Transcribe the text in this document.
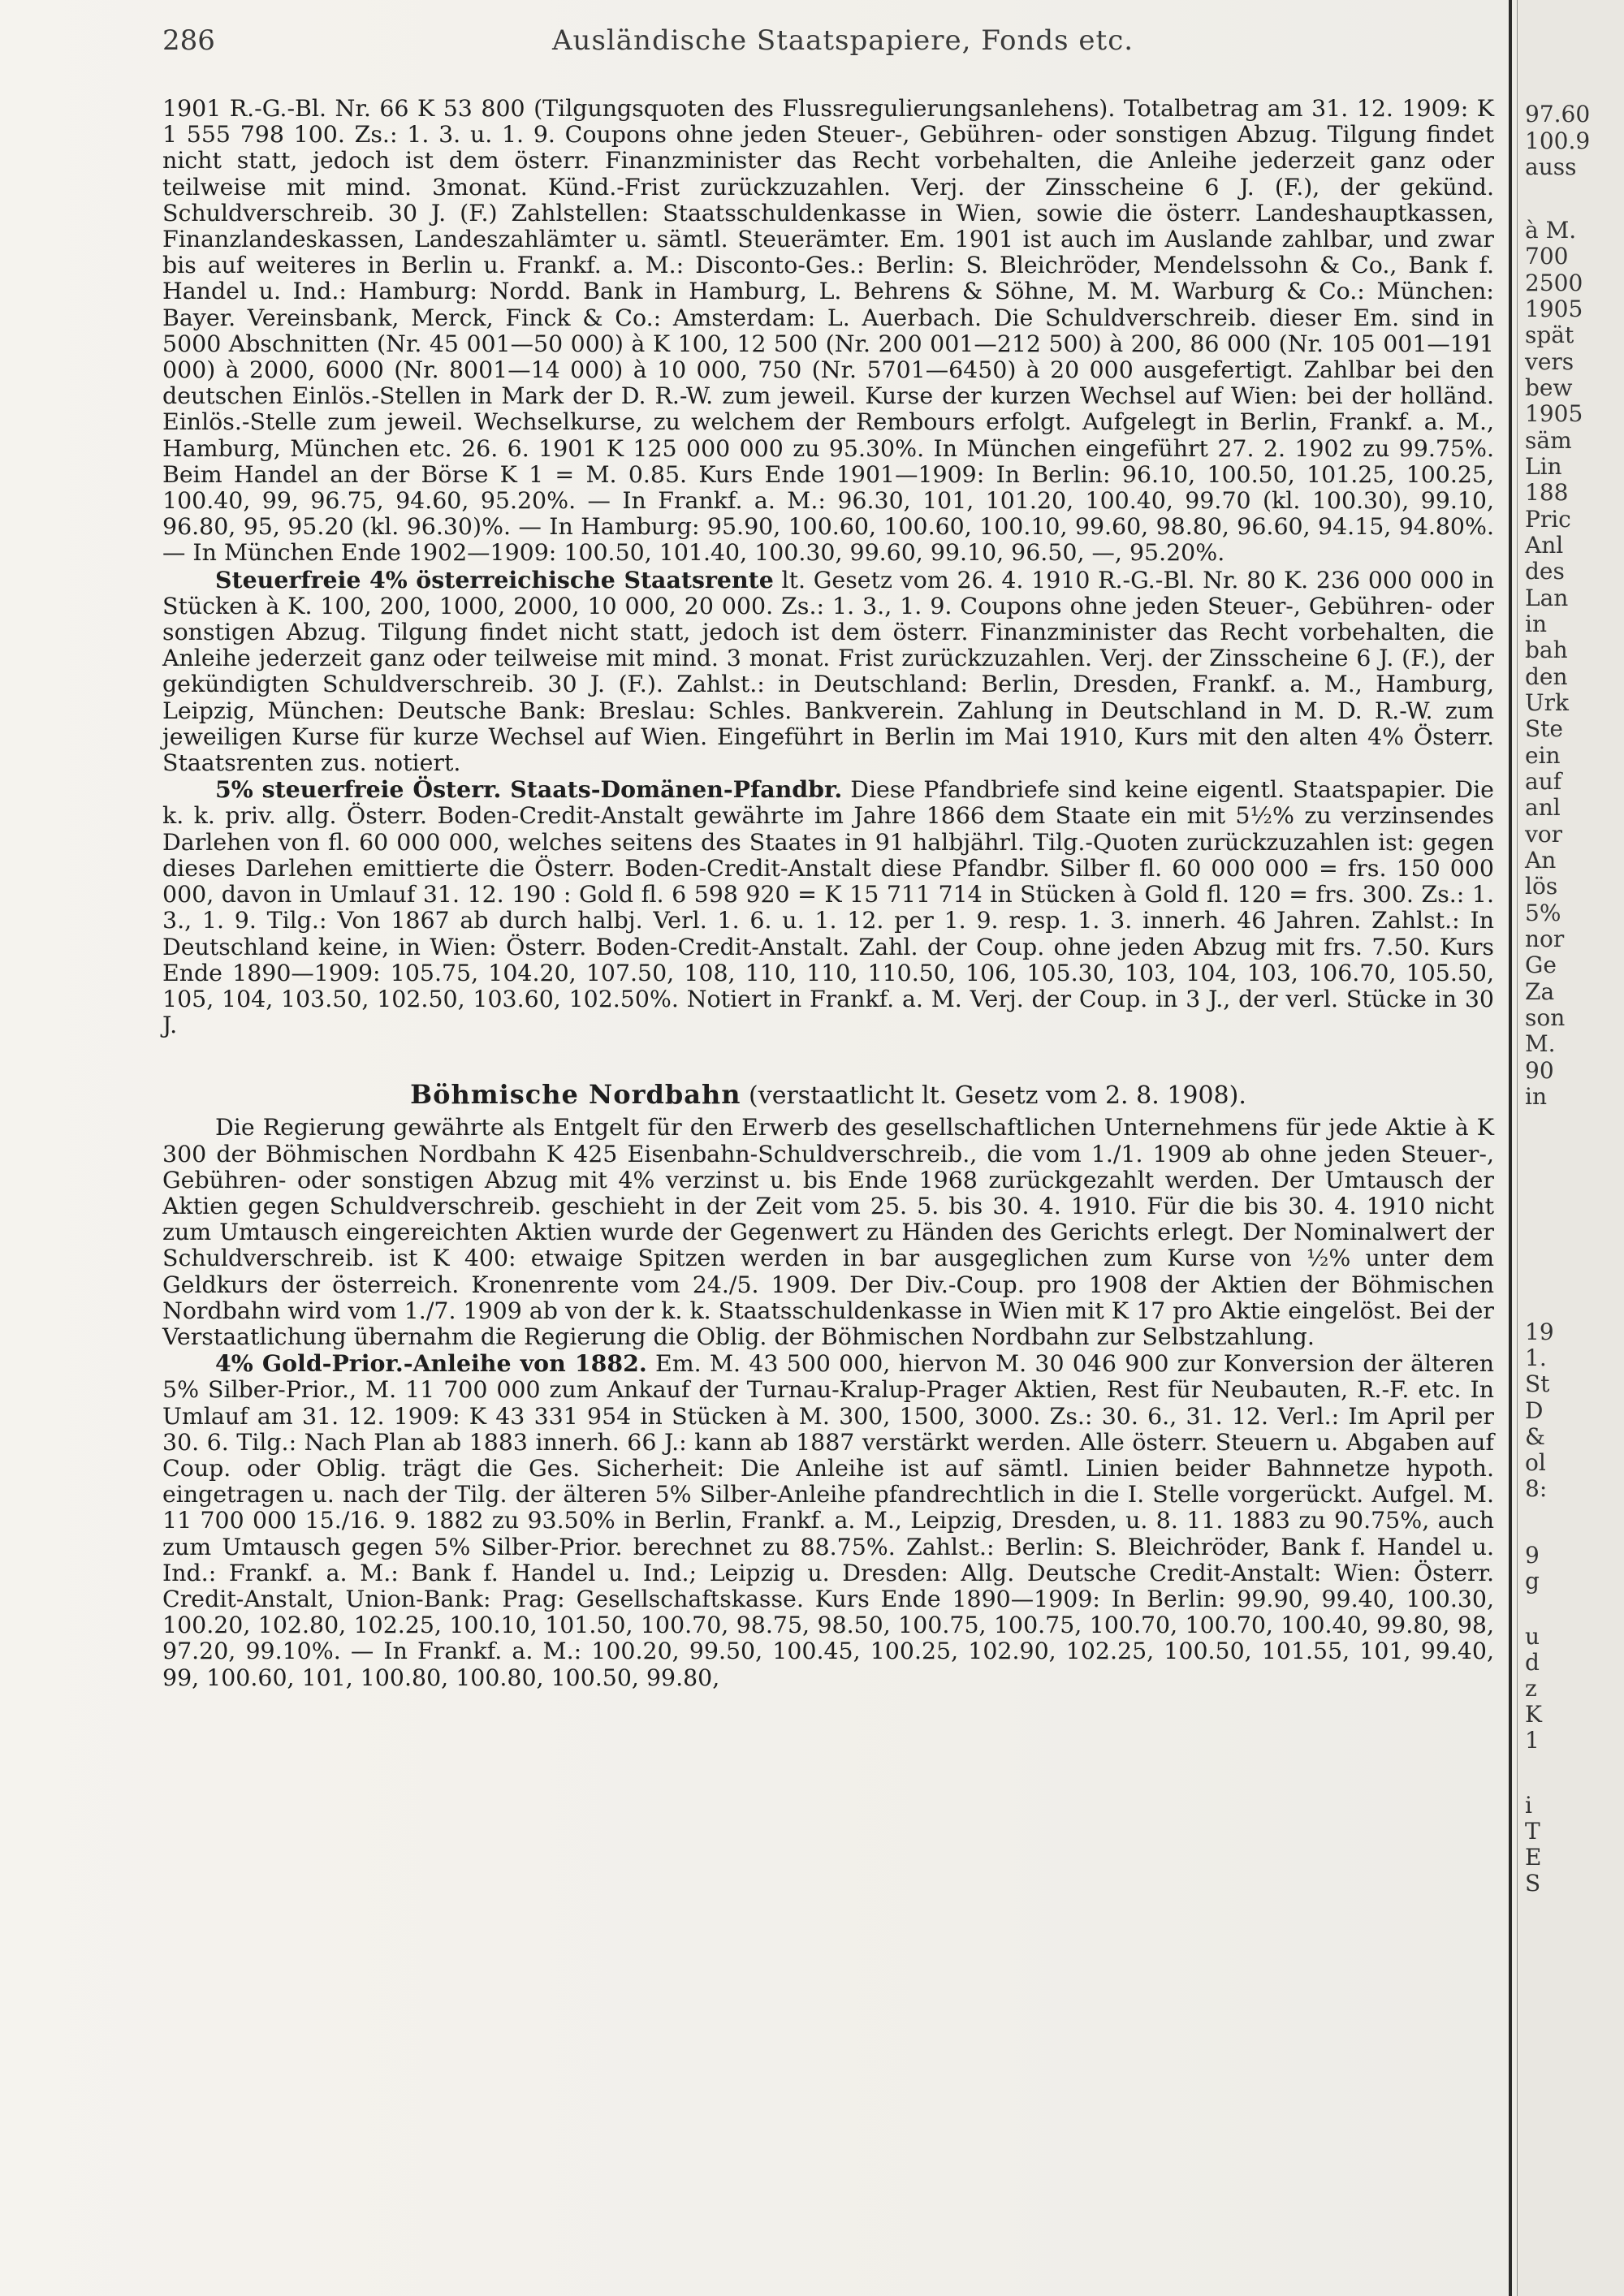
286	Ausländische Staatspapiere, Fonds etc.

1901 R.-G.-Bl. Nr. 66 K 53 800 (Tilgungsquoten des Flussregulierungsanlehens). Totalbetrag am 31. 12. 1909: K 1 555 798 100. Zs.: 1. 3. u. 1. 9. Coupons ohne jeden Steuer-, Gebühren- oder sonstigen Abzug. Tilgung findet nicht statt, jedoch ist dem österr. Finanzminister das Recht vorbehalten, die Anleihe jederzeit ganz oder teilweise mit mind. 3monat. Künd.-Frist zurückzuzahlen. Verj. der Zinsscheine 6 J. (F.), der gekünd. Schuldverschreib. 30 J. (F.) Zahlstellen: Staatsschuldenkasse in Wien, sowie die österr. Landeshauptkassen, Finanzlandeskassen, Landeszahlämter u. sämtl. Steuerämter. Em. 1901 ist auch im Auslande zahlbar, und zwar bis auf weiteres in Berlin u. Frankf. a. M.: Disconto-Ges.: Berlin: S. Bleichröder, Mendelssohn & Co., Bank f. Handel u. Ind.: Hamburg: Nordd. Bank in Hamburg, L. Behrens & Söhne, M. M. Warburg & Co.: München: Bayer. Vereinsbank, Merck, Finck & Co.: Amsterdam: L. Auerbach. Die Schuldverschreib. dieser Em. sind in 5000 Abschnitten (Nr. 45 001—50 000) à K 100, 12 500 (Nr. 200 001—212 500) à 200, 86 000 (Nr. 105 001—191 000) à 2000, 6000 (Nr. 8001—14 000) à 10 000, 750 (Nr. 5701—6450) à 20 000 ausgefertigt. Zahlbar bei den deutschen Einlös.-Stellen in Mark der D. R.-W. zum jeweil. Kurse der kurzen Wechsel auf Wien: bei der holländ. Einlös.-Stelle zum jeweil. Wechselkurse, zu welchem der Rembours erfolgt. Aufgelegt in Berlin, Frankf. a. M., Hamburg, München etc. 26. 6. 1901 K 125 000 000 zu 95.30%. In München eingeführt 27. 2. 1902 zu 99.75%. Beim Handel an der Börse K 1 = M. 0.85. Kurs Ende 1901—1909: In Berlin: 96.10, 100.50, 101.25, 100.25, 100.40, 99, 96.75, 94.60, 95.20%. — In Frankf. a. M.: 96.30, 101, 101.20, 100.40, 99.70 (kl. 100.30), 99.10, 96.80, 95, 95.20 (kl. 96.30)%. — In Hamburg: 95.90, 100.60, 100.60, 100.10, 99.60, 98.80, 96.60, 94.15, 94.80%. — In München Ende 1902—1909: 100.50, 101.40, 100.30, 99.60, 99.10, 96.50, —, 95.20%.

Steuerfreie 4% österreichische Staatsrente lt. Gesetz vom 26. 4. 1910 R.-G.-Bl. Nr. 80 K. 236 000 000 in Stücken à K. 100, 200, 1000, 2000, 10 000, 20 000. Zs.: 1. 3., 1. 9. Coupons ohne jeden Steuer-, Gebühren- oder sonstigen Abzug. Tilgung findet nicht statt, jedoch ist dem österr. Finanzminister das Recht vorbehalten, die Anleihe jederzeit ganz oder teilweise mit mind. 3 monat. Frist zurückzuzahlen. Verj. der Zinsscheine 6 J. (F.), der gekündigten Schuldverschreib. 30 J. (F.). Zahlst.: in Deutschland: Berlin, Dresden, Frankf. a. M., Hamburg, Leipzig, München: Deutsche Bank: Breslau: Schles. Bankverein. Zahlung in Deutschland in M. D. R.-W. zum jeweiligen Kurse für kurze Wechsel auf Wien. Eingeführt in Berlin im Mai 1910, Kurs mit den alten 4% Österr. Staatsrenten zus. notiert.

5% steuerfreie Österr. Staats-Domänen-Pfandbr. Diese Pfandbriefe sind keine eigentl. Staatspapier. Die k. k. priv. allg. Österr. Boden-Credit-Anstalt gewährte im Jahre 1866 dem Staate ein mit 5½% zu verzinsendes Darlehen von fl. 60 000 000, welches seitens des Staates in 91 halbjährl. Tilg.-Quoten zurückzuzahlen ist: gegen dieses Darlehen emittierte die Österr. Boden-Credit-Anstalt diese Pfandbr. Silber fl. 60 000 000 = frs. 150 000 000, davon in Umlauf 31. 12. 190 : Gold fl. 6 598 920 = K 15 711 714 in Stücken à Gold fl. 120 = frs. 300. Zs.: 1. 3., 1. 9. Tilg.: Von 1867 ab durch halbj. Verl. 1. 6. u. 1. 12. per 1. 9. resp. 1. 3. innerh. 46 Jahren. Zahlst.: In Deutschland keine, in Wien: Österr. Boden-Credit-Anstalt. Zahl. der Coup. ohne jeden Abzug mit frs. 7.50. Kurs Ende 1890—1909: 105.75, 104.20, 107.50, 108, 110, 110, 110.50, 106, 105.30, 103, 104, 103, 106.70, 105.50, 105, 104, 103.50, 102.50, 103.60, 102.50%. Notiert in Frankf. a. M. Verj. der Coup. in 3 J., der verl. Stücke in 30 J.

Böhmische Nordbahn (verstaatlicht lt. Gesetz vom 2. 8. 1908).

Die Regierung gewährte als Entgelt für den Erwerb des gesellschaftlichen Unternehmens für jede Aktie à K 300 der Böhmischen Nordbahn K 425 Eisenbahn-Schuldverschreib., die vom 1./1. 1909 ab ohne jeden Steuer-, Gebühren- oder sonstigen Abzug mit 4% verzinst u. bis Ende 1968 zurückgezahlt werden. Der Umtausch der Aktien gegen Schuldverschreib. geschieht in der Zeit vom 25. 5. bis 30. 4. 1910. Für die bis 30. 4. 1910 nicht zum Umtausch eingereichten Aktien wurde der Gegenwert zu Händen des Gerichts erlegt. Der Nominalwert der Schuldverschreib. ist K 400: etwaige Spitzen werden in bar ausgeglichen zum Kurse von ½% unter dem Geldkurs der österreich. Kronenrente vom 24./5. 1909. Der Div.-Coup. pro 1908 der Aktien der Böhmischen Nordbahn wird vom 1./7. 1909 ab von der k. k. Staatsschuldenkasse in Wien mit K 17 pro Aktie eingelöst. Bei der Verstaatlichung übernahm die Regierung die Oblig. der Böhmischen Nordbahn zur Selbstzahlung.

4% Gold-Prior.-Anleihe von 1882. Em. M. 43 500 000, hiervon M. 30 046 900 zur Konversion der älteren 5% Silber-Prior., M. 11 700 000 zum Ankauf der Turnau-Kralup-Prager Aktien, Rest für Neubauten, R.-F. etc. In Umlauf am 31. 12. 1909: K 43 331 954 in Stücken à M. 300, 1500, 3000. Zs.: 30. 6., 31. 12. Verl.: Im April per 30. 6. Tilg.: Nach Plan ab 1883 innerh. 66 J.: kann ab 1887 verstärkt werden. Alle österr. Steuern u. Abgaben auf Coup. oder Oblig. trägt die Ges. Sicherheit: Die Anleihe ist auf sämtl. Linien beider Bahnnetze hypoth. eingetragen u. nach der Tilg. der älteren 5% Silber-Anleihe pfandrechtlich in die I. Stelle vorgerückt. Aufgel. M. 11 700 000 15./16. 9. 1882 zu 93.50% in Berlin, Frankf. a. M., Leipzig, Dresden, u. 8. 11. 1883 zu 90.75%, auch zum Umtausch gegen 5% Silber-Prior. berechnet zu 88.75%. Zahlst.: Berlin: S. Bleichröder, Bank f. Handel u. Ind.: Frankf. a. M.: Bank f. Handel u. Ind.; Leipzig u. Dresden: Allg. Deutsche Credit-Anstalt: Wien: Österr. Credit-Anstalt, Union-Bank: Prag: Gesellschaftskasse. Kurs Ende 1890—1909: In Berlin: 99.90, 99.40, 100.30, 100.20, 102.80, 102.25, 100.10, 101.50, 100.70, 98.75, 98.50, 100.75, 100.75, 100.70, 100.70, 100.40, 99.80, 98, 97.20, 99.10%. — In Frankf. a. M.: 100.20, 99.50, 100.45, 100.25, 102.90, 102.25, 100.50, 101.55, 101, 99.40, 99, 100.60, 101, 100.80, 100.80, 100.50, 99.80,

97.60
100.9
auss
à M.
700
2500
1905
spät
vers
bew
1905
säm
Lin
188
Pric
Anl
des
Lan
in
bah
den
Urk
Ste
ein
auf
anl
vor
An
lös
5%
nor
Ge
Za
son
M.
90
in
19
1.
St
D
&
ol
8:
9
g
u
d
z
K
1
i
T
E
S
